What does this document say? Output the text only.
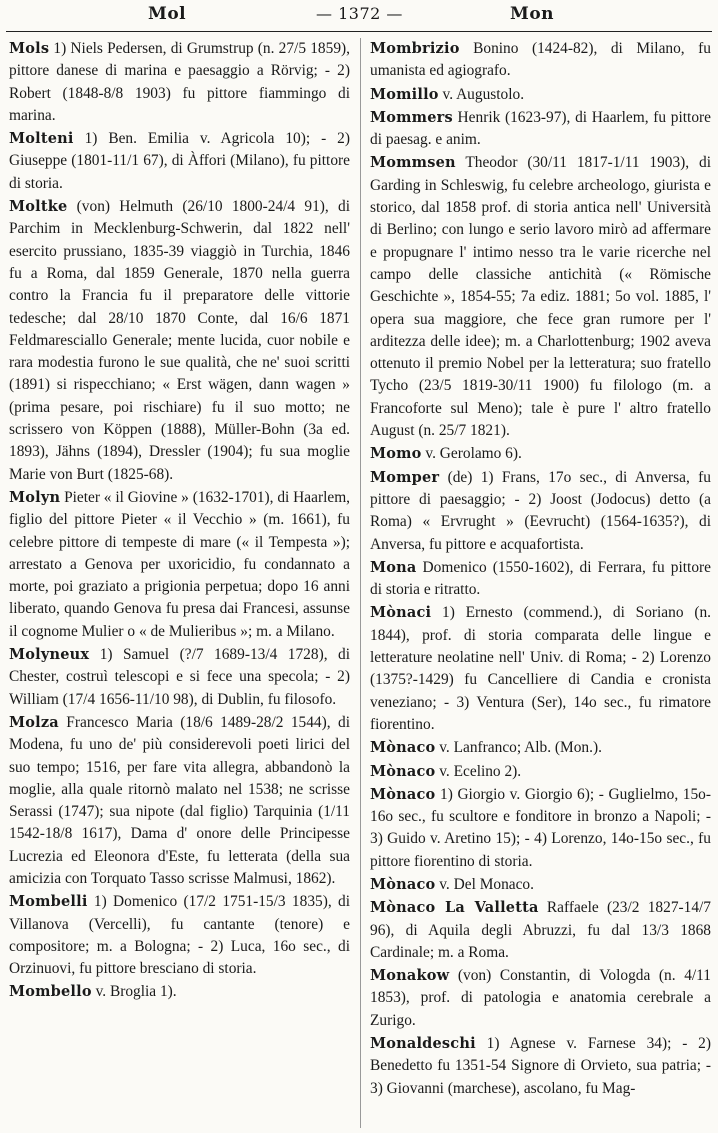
Mol	— 1372 —	Mon

Mols 1) Niels Pedersen, di Grumstrup (n. 27/5 1859), pittore danese di marina e paesaggio a Rörvig; - 2) Robert (1848-8/8 1903) fu pittore fiammingo di marina.

Molteni 1) Ben. Emilia v. Agricola 10); - 2) Giuseppe (1801-11/1 67), di Àffori (Milano), fu pittore di storia.

Moltke (von) Helmuth (26/10 1800-24/4 91), di Parchim in Mecklenburg-Schwerin, dal 1822 nell' esercito prussiano, 1835-39 viaggiò in Turchia, 1846 fu a Roma, dal 1859 Generale, 1870 nella guerra contro la Francia fu il preparatore delle vittorie tedesche; dal 28/10 1870 Conte, dal 16/6 1871 Feldmaresciallo Generale; mente lucida, cuor nobile e rara modestia furono le sue qualità, che ne' suoi scritti (1891) si rispecchiano; « Erst wägen, dann wagen » (prima pesare, poi rischiare) fu il suo motto; ne scrissero von Köppen (1888), Müller-Bohn (3a ed. 1893), Jähns (1894), Dressler (1904); fu sua moglie Marie von Burt (1825-68).

Molyn Pieter « il Giovine » (1632-1701), di Haarlem, figlio del pittore Pieter « il Vecchio » (m. 1661), fu celebre pittore di tempeste di mare (« il Tempesta »); arrestato a Genova per uxoricidio, fu condannato a morte, poi graziato a prigionia perpetua; dopo 16 anni liberato, quando Genova fu presa dai Francesi, assunse il cognome Mulier o « de Mulieribus »; m. a Milano.

Molyneux 1) Samuel (?/7 1689-13/4 1728), di Chester, costruì telescopi e si fece una specola; - 2) William (17/4 1656-11/10 98), di Dublin, fu filosofo.

Molza Francesco Maria (18/6 1489-28/2 1544), di Modena, fu uno de' più considerevoli poeti lirici del suo tempo; 1516, per fare vita allegra, abbandonò la moglie, alla quale ritornò malato nel 1538; ne scrisse Serassi (1747); sua nipote (dal figlio) Tarquinia (1/11 1542-18/8 1617), Dama d' onore delle Principesse Lucrezia ed Eleonora d'Este, fu letterata (della sua amicizia con Torquato Tasso scrisse Malmusi, 1862).

Mombelli 1) Domenico (17/2 1751-15/3 1835), di Villanova (Vercelli), fu cantante (tenore) e compositore; m. a Bologna; - 2) Luca, 16o sec., di Orzinuovi, fu pittore bresciano di storia.

Mombello v. Broglia 1).

Mombrizio Bonino (1424-82), di Milano, fu umanista ed agiografo.

Momillo v. Augustolo.

Mommers Henrik (1623-97), di Haarlem, fu pittore di paesag. e anim.

Mommsen Theodor (30/11 1817-1/11 1903), di Garding in Schleswig, fu celebre archeologo, giurista e storico, dal 1858 prof. di storia antica nell' Università di Berlino; con lungo e serio lavoro mirò ad affermare e propugnare l' intimo nesso tra le varie ricerche nel campo delle classiche antichità (« Römische Geschichte », 1854-55; 7a ediz. 1881; 5o vol. 1885, l' opera sua maggiore, che fece gran rumore per l' arditezza delle idee); m. a Charlottenburg; 1902 aveva ottenuto il premio Nobel per la letteratura; suo fratello Tycho (23/5 1819-30/11 1900) fu filologo (m. a Francoforte sul Meno); tale è pure l' altro fratello August (n. 25/7 1821).

Momo v. Gerolamo 6).

Momper (de) 1) Frans, 17o sec., di Anversa, fu pittore di paesaggio; - 2) Joost (Jodocus) detto (a Roma) « Ervrught » (Eevrucht) (1564-1635?), di Anversa, fu pittore e acquafortista.

Mona Domenico (1550-1602), di Ferrara, fu pittore di storia e ritratto.

Mònaci 1) Ernesto (commend.), di Soriano (n. 1844), prof. di storia comparata delle lingue e letterature neolatine nell' Univ. di Roma; - 2) Lorenzo (1375?-1429) fu Cancelliere di Candia e cronista veneziano; - 3) Ventura (Ser), 14o sec., fu rimatore fiorentino.

Mònaco v. Lanfranco; Alb. (Mon.).

Mònaco v. Ecelino 2).

Mònaco 1) Giorgio v. Giorgio 6); - Guglielmo, 15o-16o sec., fu scultore e fonditore in bronzo a Napoli; - 3) Guido v. Aretino 15); - 4) Lorenzo, 14o-15o sec., fu pittore fiorentino di storia.

Mònaco v. Del Monaco.

Mònaco La Valletta Raffaele (23/2 1827-14/7 96), di Aquila degli Abruzzi, fu dal 13/3 1868 Cardinale; m. a Roma.

Monakow (von) Constantin, di Vologda (n. 4/11 1853), prof. di patologia e anatomia cerebrale a Zurigo.

Monaldeschi 1) Agnese v. Farnese 34); - 2) Benedetto fu 1351-54 Signore di Orvieto, sua patria; - 3) Giovanni (marchese), ascolano, fu Mag-
